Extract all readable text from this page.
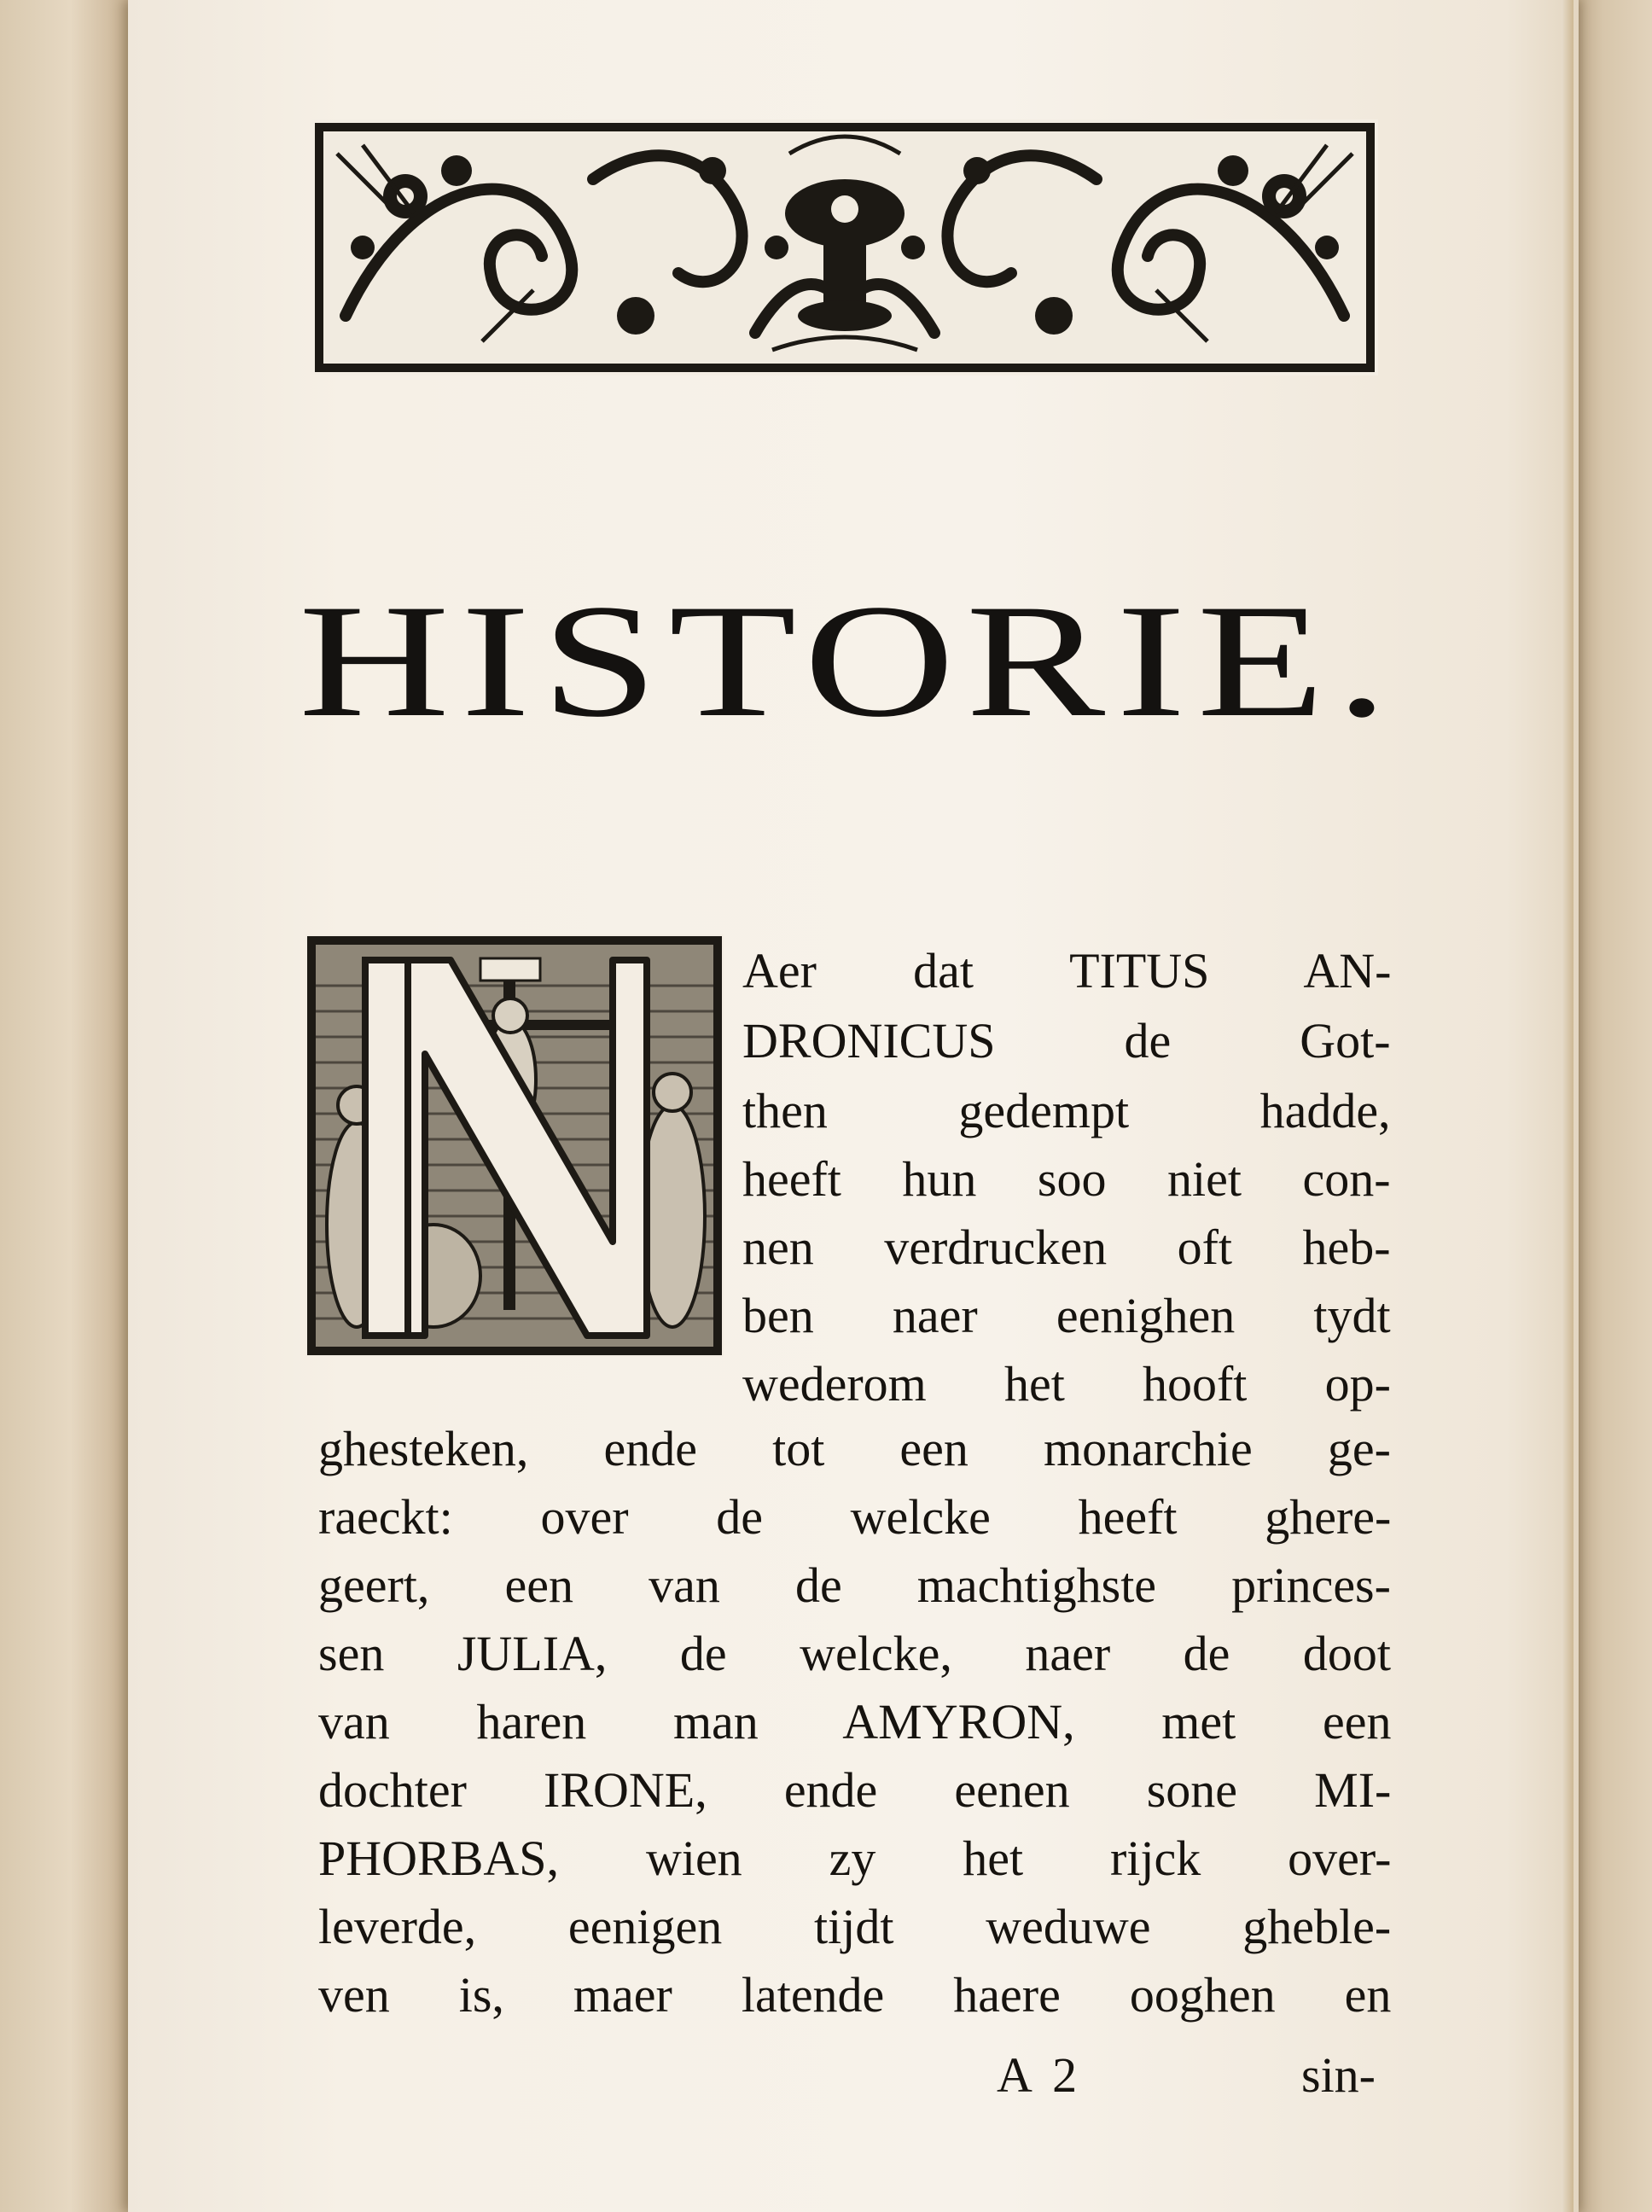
HISTORIE.
Aer dat TITUS AN-
DRONICUS de Got-
then gedempt hadde,
heeft hun soo niet con-
nen verdrucken oft heb-
ben naer eenighen tydt
wederom het hooft op-
ghesteken, ende tot een monarchie ge-
raeckt: over de welcke heeft ghere-
geert, een van de machtighste princes-
sen JULIA, de welcke, naer de doot
van haren man AMYRON, met een
dochter IRONE, ende eenen sone MI-
PHORBAS, wien zy het rijck over-
leverde, eenigen tijdt weduwe gheble-
ven is, maer latende haere ooghen en
A 2	sin-
